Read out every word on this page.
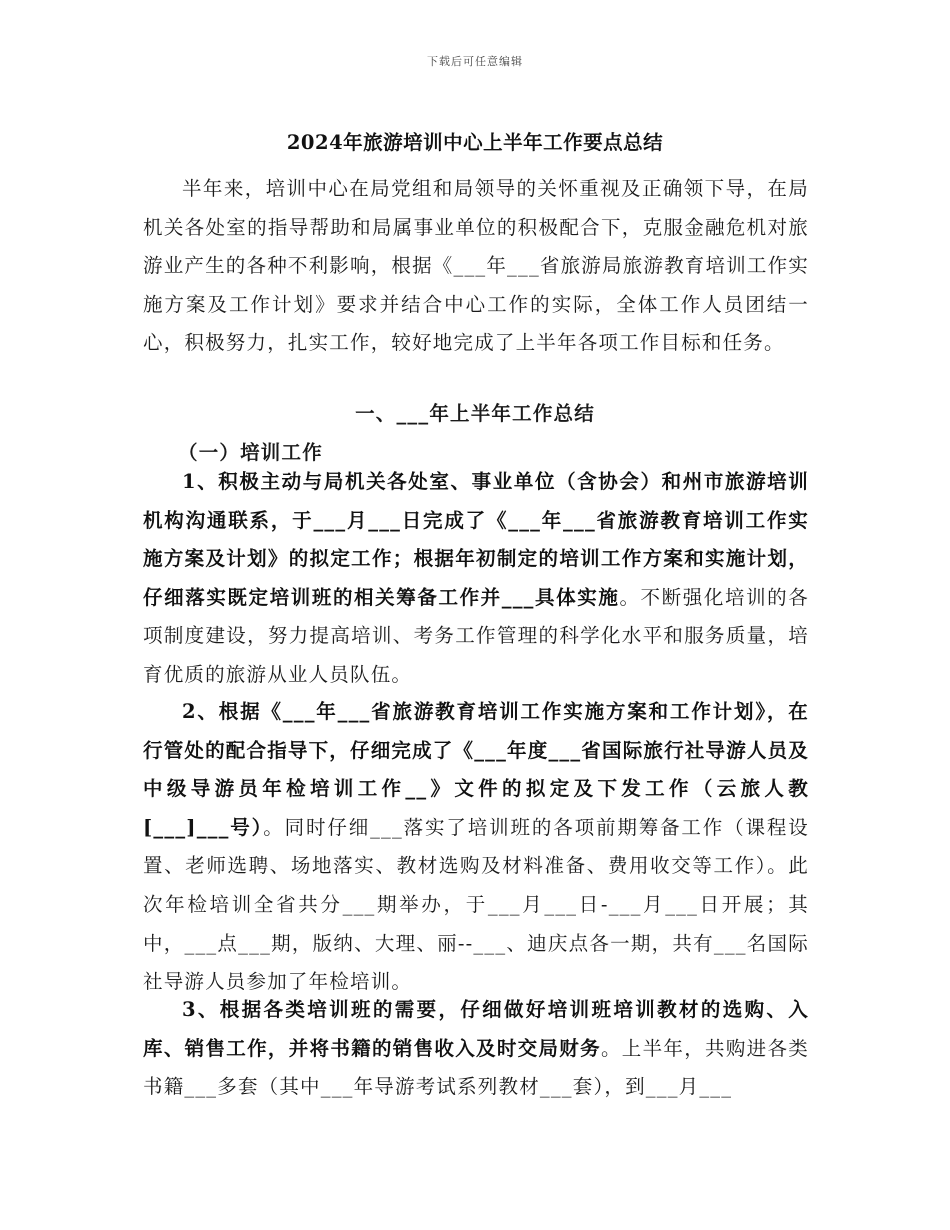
下载后可任意编辑
2024年旅游培训中心上半年工作要点总结

半年来，培训中心在局党组和局领导的关怀重视及正确领下导，在局机关各处室的指导帮助和局属事业单位的积极配合下，克服金融危机对旅游业产生的各种不利影响，根据《___年___省旅游局旅游教育培训工作实施方案及工作计划》要求并结合中心工作的实际，全体工作人员团结一心，积极努力，扎实工作，较好地完成了上半年各项工作目标和任务。

一、___年上半年工作总结
（一）培训工作

1、积极主动与局机关各处室、事业单位（含协会）和州市旅游培训机构沟通联系，于___月___日完成了《___年___省旅游教育培训工作实施方案及计划》的拟定工作；根据年初制定的培训工作方案和实施计划，仔细落实既定培训班的相关筹备工作并___具体实施。不断强化培训的各项制度建设，努力提高培训、考务工作管理的科学化水平和服务质量，培育优质的旅游从业人员队伍。

2、根据《___年___省旅游教育培训工作实施方案和工作计划》，在行管处的配合指导下，仔细完成了《___年度___省国际旅行社导游人员及中级导游员年检培训工作__》文件的拟定及下发工作（云旅人教[___]___号）。同时仔细___落实了培训班的各项前期筹备工作（课程设置、老师选聘、场地落实、教材选购及材料准备、费用收交等工作）。此次年检培训全省共分___期举办，于___月___日-___月___日开展；其中，___点___期，版纳、大理、丽--___、迪庆点各一期，共有___名国际社导游人员参加了年检培训。

3、根据各类培训班的需要，仔细做好培训班培训教材的选购、入库、销售工作，并将书籍的销售收入及时交局财务。上半年，共购进各类书籍___多套（其中___年导游考试系列教材___套），到___月___
